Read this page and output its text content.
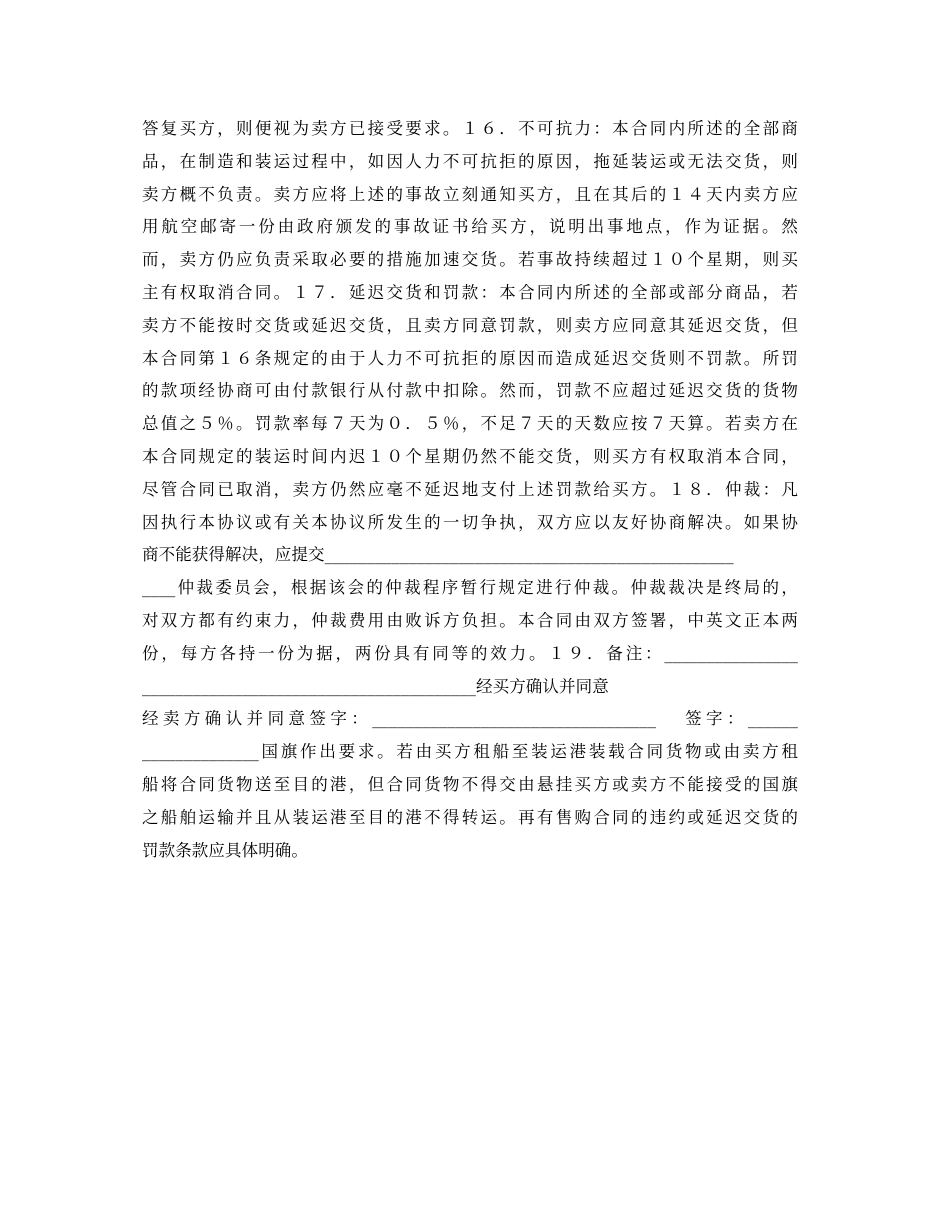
答复买方，则便视为卖方已接受要求。１６．不可抗力：本合同内所述的全部商
品，在制造和装运过程中，如因人力不可抗拒的原因，拖延装运或无法交货，则
卖方概不负责。卖方应将上述的事故立刻通知买方，且在其后的１４天内卖方应
用航空邮寄一份由政府颁发的事故证书给买方，说明出事地点，作为证据。然
而，卖方仍应负责采取必要的措施加速交货。若事故持续超过１０个星期，则买
主有权取消合同。１７．延迟交货和罚款：本合同内所述的全部或部分商品，若
卖方不能按时交货或延迟交货，且卖方同意罚款，则卖方应同意其延迟交货，但
本合同第１６条规定的由于人力不可抗拒的原因而造成延迟交货则不罚款。所罚
的款项经协商可由付款银行从付款中扣除。然而，罚款不应超过延迟交货的货物
总值之５％。罚款率每７天为０．５％，不足７天的天数应按７天算。若卖方在
本合同规定的装运时间内迟１０个星期仍然不能交货，则买方有权取消本合同，
尽管合同已取消，卖方仍然应毫不延迟地支付上述罚款给买方。１８．仲裁：凡
因执行本协议或有关本协议所发生的一切争执，双方应以友好协商解决。如果协
商不能获得解决，应提交_________________________________________________
____仲裁委员会，根据该会的仲裁程序暂行规定进行仲裁。仲裁裁决是终局的，
对双方都有约束力，仲裁费用由败诉方负担。本合同由双方签署，中英文正本两
份，每方各持一份为据，两份具有同等的效力。１９．备注：________________
________________________________________经买方确认并同意
经卖方确认并同意签字：__________________________________   签字：______
______________国旗作出要求。若由买方租船至装运港装载合同货物或由卖方租
船将合同货物送至目的港，但合同货物不得交由悬挂买方或卖方不能接受的国旗
之船舶运输并且从装运港至目的港不得转运。再有售购合同的违约或延迟交货的
罚款条款应具体明确。
